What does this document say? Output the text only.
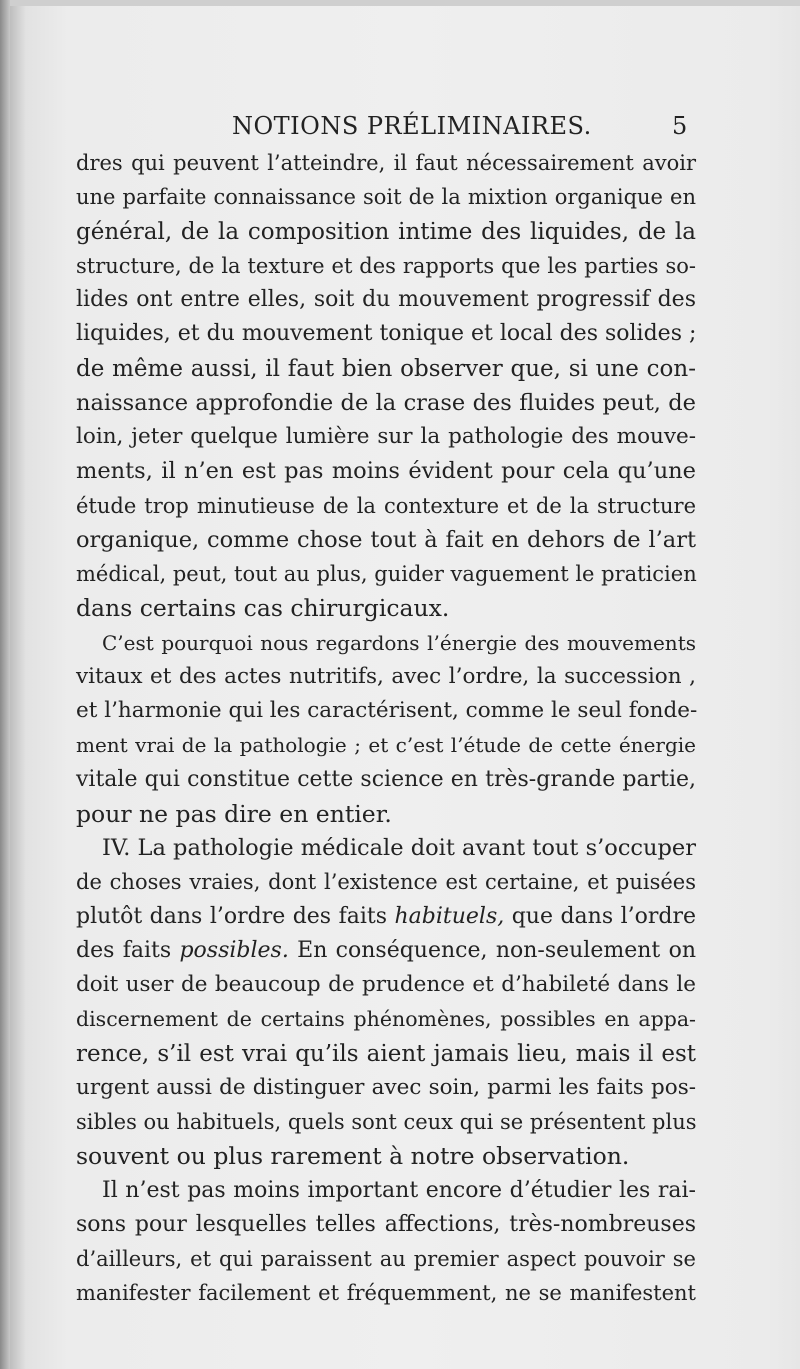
NOTIONS PRÉLIMINAIRES.	5
dres qui peuvent l’atteindre, il faut nécessairement avoir
une parfaite connaissance soit de la mixtion organique en
général, de la composition intime des liquides, de la
structure, de la texture et des rapports que les parties so-
lides ont entre elles, soit du mouvement progressif des
liquides, et du mouvement tonique et local des solides ;
de même aussi, il faut bien observer que, si une con-
naissance approfondie de la crase des fluides peut, de
loin, jeter quelque lumière sur la pathologie des mouve-
ments, il n’en est pas moins évident pour cela qu’une
étude trop minutieuse de la contexture et de la structure
organique, comme chose tout à fait en dehors de l’art
médical, peut, tout au plus, guider vaguement le praticien
dans certains cas chirurgicaux.
C’est pourquoi nous regardons l’énergie des mouvements
vitaux et des actes nutritifs, avec l’ordre, la succession ,
et l’harmonie qui les caractérisent, comme le seul fonde-
ment vrai de la pathologie ; et c’est l’étude de cette énergie
vitale qui constitue cette science en très-grande partie,
pour ne pas dire en entier.
IV. La pathologie médicale doit avant tout s’occuper
de choses vraies, dont l’existence est certaine, et puisées
plutôt dans l’ordre des faits habituels, que dans l’ordre
des faits possibles. En conséquence, non-seulement on
doit user de beaucoup de prudence et d’habileté dans le
discernement de certains phénomènes, possibles en appa-
rence, s’il est vrai qu’ils aient jamais lieu, mais il est
urgent aussi de distinguer avec soin, parmi les faits pos-
sibles ou habituels, quels sont ceux qui se présentent plus
souvent ou plus rarement à notre observation.
Il n’est pas moins important encore d’étudier les rai-
sons pour lesquelles telles affections, très-nombreuses
d’ailleurs, et qui paraissent au premier aspect pouvoir se
manifester facilement et fréquemment, ne se manifestent
